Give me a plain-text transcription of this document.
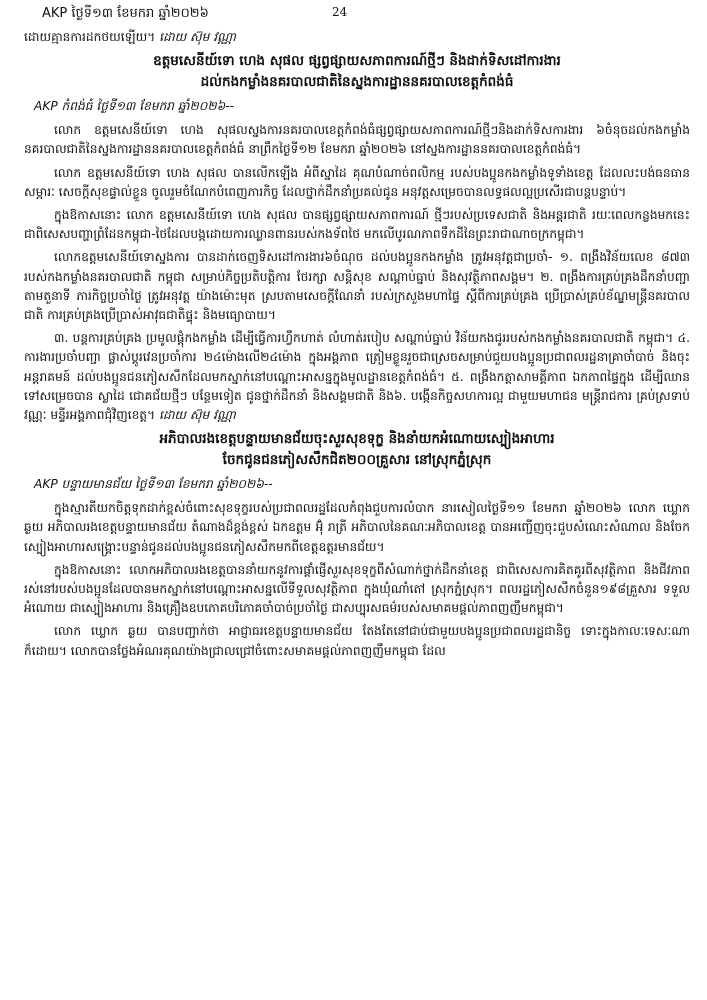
AKP ថ្ងៃទី១៣ ខែមករា ឆ្នាំ២០២៦	24

ដោយគ្មានការដកថយឡើយ។ ដោយ ស៊ុម វណ្ណា

ឧត្តមសេនីយ៍ទោ ហេង សុផល ផ្សព្វផ្សាយសភាពការណ៍ថ្មីៗ និងដាក់ទិសដៅការងារ
ដល់កងកម្លាំងនគរបាលជាតិនៃស្នងការដ្ឋាននគរបាលខេត្តកំពង់ធំ
AKP កំពង់ធំ ថ្ងៃទី១៣ ខែមករា ឆ្នាំ២០២៦--

លោក ឧត្តមសេនីយ៍ទោ ហេង សុផលស្នងការនគរបាលខេត្តកំពង់ធំផ្សព្វផ្សាយសភាពការណ៍ថ្មីៗនិងដាក់ទិសការងារ ៦ចំនុចដល់កងកម្លាំង នគរបាលជាតិនៃស្នងការដ្ឋាននគរបាលខេត្តកំពង់ធំ នាព្រឹកថ្ងៃទី១២ ខែមករា ឆ្នាំ២០២៦ នៅស្នងការដ្ឋាននគរបាលខេត្តកំពង់ធំ។

លោក ឧត្តមសេនីយ៍ទោ ហេង សុផល បានលើកឡើង អំពីស្នាដៃ គុណបំណាច់ពលិកម្ម របស់បងប្អូនកងកម្លាំងទូទាំងខេត្ត ដែលលះបង់ធនធានសម្ភារៈ សេចក្តីសុខផ្ទាល់ខ្លួន ចូលរួមចំណែកបំពេញភារកិច្ច ដែលថ្នាក់ដឹកនាំប្រគល់ជូន អនុវត្តសម្រេចបានលទ្ធផលល្អប្រសើរជាបន្តបន្ទាប់។

ក្នុងឱកាសនោះ លោក ឧត្តមសេនីយ៍ទោ ហេង សុផល បានផ្សព្វផ្សាយសភាពការណ៍ ថ្មីៗរបស់ប្រទេសជាតិ និងអន្តរជាតិ រយៈពេលកន្លងមកនេះ ជាពិសេសបញ្ហាព្រំដែនកម្ពុជា-ថៃដែលបង្កដោយការឈ្លានពានរបស់កងទ័ពថៃ មកលើបូរណភាពទឹកដីនៃព្រះរាជាណាចក្រកម្ពុជា។

លោកឧត្តមសេនីយ៍ទោស្នងការ បានដាក់ចេញទិសដៅការងារ៦ចំណុច ដល់បងប្អូនកងកម្លាំង ត្រូវអនុវត្តជាប្រចាំ- ១. ពង្រឹងវិន័យលេខ ៨៧៣ របស់កងកម្លាំងនគរបាលជាតិ កម្ពុជា សម្រាប់កិច្ចប្រតិបត្តិការ ថែរក្សា សន្តិសុខ សណ្តាប់ធ្នាប់ និងសុវត្ថិភាពសង្គម។ ២. ពង្រឹងការគ្រប់គ្រងដឹកនាំបញ្ជា តាមតួនាទី ភារកិច្ចប្រចាំថ្ងៃ ត្រូវអនុវត្ត យ៉ាងម៉ោះមុត ស្របតាមសេចក្តីណែនាំ របស់ក្រសួងមហាផ្ទៃ ស្តីពីការគ្រប់គ្រង ប្រើប្រាស់គ្រប់ខ័ណ្ឌមន្ត្រីនគរបាលជាតិ ការគ្រប់គ្រងប្រើប្រាស់អាវុធជាតិផ្ទុះ និងមធ្យោបាយ។

៣. បន្តការគ្រប់គ្រង ប្រមូលផ្តុំកងកម្លាំង ដើម្បីធ្វើការហ្វឹកហាត់ លំហាត់របៀប សណ្តាប់ធ្នាប់ វិន័យកងជូររបស់កងកម្លាំងនគរបាលជាតិ កម្ពុជា។ ៤. ការងារប្រចាំបញ្ជា ផ្លាស់ប្តូរវេនប្រចាំការ ២៤ម៉ោងលើ២៤ម៉ោង ក្នុងអង្គភាព ត្រៀមខ្លួនរួចជាស្រេចសម្រាប់ជួយបងប្អូនប្រជាពលរដ្ឋនាគ្រាចាំបាច់ និងចុះអន្តរាគមន៍ ដល់បងប្អូនជនភៀសសឹកដែលមកស្នាក់នៅបណ្តោះអាសន្នក្នុងមូលដ្ឋានខេត្តកំពង់ធំ។ ៥. ពង្រឹងកត្តាសាមគ្គីភាព ឯកភាពផ្ទៃក្នុង ដើម្បីឈានទៅសម្រេចបាន ស្លាដៃ ជោគជ័យថ្មីៗ បន្ថែមទៀត ជូនថ្នាក់ដឹកនាំ និងសង្គមជាតិ និង៦. បង្កើនកិច្ចសហការល្អ ជាមួយមហាជន មន្ត្រីរាជការ គ្រប់ស្រទាប់វណ្ណៈ មន្ទីរអង្គភាពជុំវិញខេត្ត។ ដោយ ស៊ុម វណ្ណា

អភិបាលរងខេត្តបន្ទាយមានជ័យចុះសួរសុខទុក្ខ និងនាំយកអំណោយស្បៀងអាហារ
ចែកជូនជនភៀសសឹកជិត២០០គ្រួសារ នៅស្រុកភ្នំស្រុក
AKP បន្ទាយមានជ័យ ថ្ងៃទី១៣ ខែមករា ឆ្នាំ២០២៦--

ក្នុងស្មារតីយកចិត្តទុកដាក់ខ្ពស់ចំពោះសុខទុក្ខរបស់ប្រជាពលរដ្ឋដែលកំពុងជួបការលំបាក នារសៀលថ្ងៃទី១១ ខែមករា ឆ្នាំ២០២៦ លោក ឃ្លោក ឆ្ងយ អភិបាលរងខេត្តបន្ទាយមានជ័យ តំណាងដ៏ខ្ពង់ខ្ពស់ ឯកឧត្តម អ៊ុំ រាត្រី អភិបាលនៃគណៈអភិបាលខេត្ត បានអញ្ជើញចុះជួបសំណេះសំណាល និងចែកស្បៀងអាហារសង្គ្រោះបន្ទាន់ជូនដល់បងប្អូនជនភៀសសឹកមកពីខេត្តឧត្តរមានជ័យ។

ក្នុងឱកាសនោះ លោកអភិបាលរងខេត្តបាននាំយកនូវការផ្តាំផ្ញើសួរសុខទុក្ខពីសំណាក់ថ្នាក់ដឹកនាំខេត្ត ជាពិសេសការគិតគូរពីសុវត្ថិភាព និងជីវភាពរស់នៅរបស់បងប្អូនដែលបានមកស្នាក់នៅបណ្តោះអាសន្នលើទីទួលសុវត្ថិភាព ក្នុងឃុំណាំតៅ ស្រុកភ្នំស្រុក។ ពលរដ្ឋភៀសសឹកចំនួន១៩៨គ្រួសារ ទទួលអំណោយ ជាស្បៀងអាហារ និងគ្រឿងឧបភោគបរិភោគចាំបាច់ប្រចាំថ្ងៃ ជាសប្បុរសធម៌របស់សមាគមផ្តល់ភាពញញឹមកម្ពុជា។

លោក ឃ្លោក ឆ្ងយ បានបញ្ជាក់ថា អាជ្ញាធរខេត្តបន្ទាយមានជ័យ តែងតែនៅជាប់ជាមួយបងប្អូនប្រជាពលរដ្ឋជានិច្ច ទោះក្នុងកាលៈទេសៈណាក៏ដោយ។ លោកបានថ្លែងអំណរគុណយ៉ាងជ្រាលជ្រៅចំពោះសមាគមផ្តល់ភាពញញឹមកម្ពុជា ដែល
